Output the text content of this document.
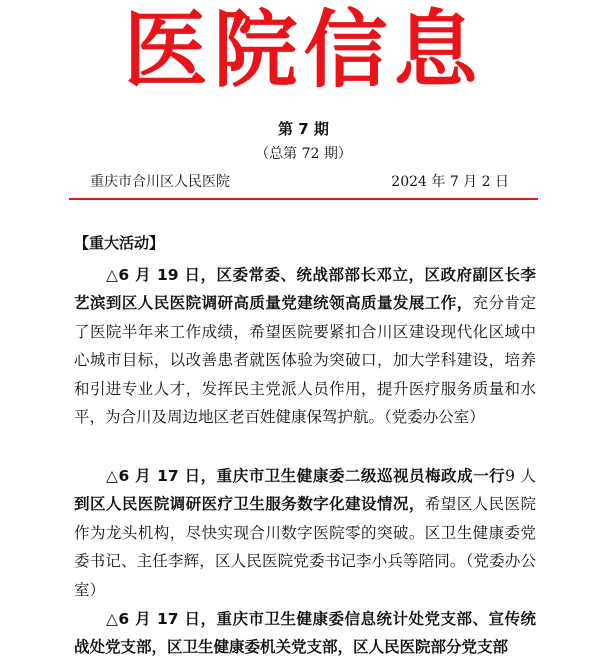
医院信息
第 7 期
（总第 72 期）
重庆市合川区人民医院	2024 年 7 月 2 日
【重大活动】

△6 月 19 日，区委常委、统战部部长邓立，区政府副区长李艺滨到区人民医院调研高质量党建统领高质量发展工作，充分肯定了医院半年来工作成绩，希望医院要紧扣合川区建设现代化区域中心城市目标，以改善患者就医体验为突破口，加大学科建设，培养和引进专业人才，发挥民主党派人员作用，提升医疗服务质量和水平，为合川及周边地区老百姓健康保驾护航。（党委办公室）

△6 月 17 日，重庆市卫生健康委二级巡视员梅政成一行9 人到区人民医院调研医疗卫生服务数字化建设情况，希望区人民医院作为龙头机构，尽快实现合川数字医院零的突破。区卫生健康委党委书记、主任李辉，区人民医院党委书记李小兵等陪同。（党委办公室）

△6 月 17 日，重庆市卫生健康委信息统计处党支部、宣传统战处党支部，区卫生健康委机关党支部，区人民医院部分党支部
